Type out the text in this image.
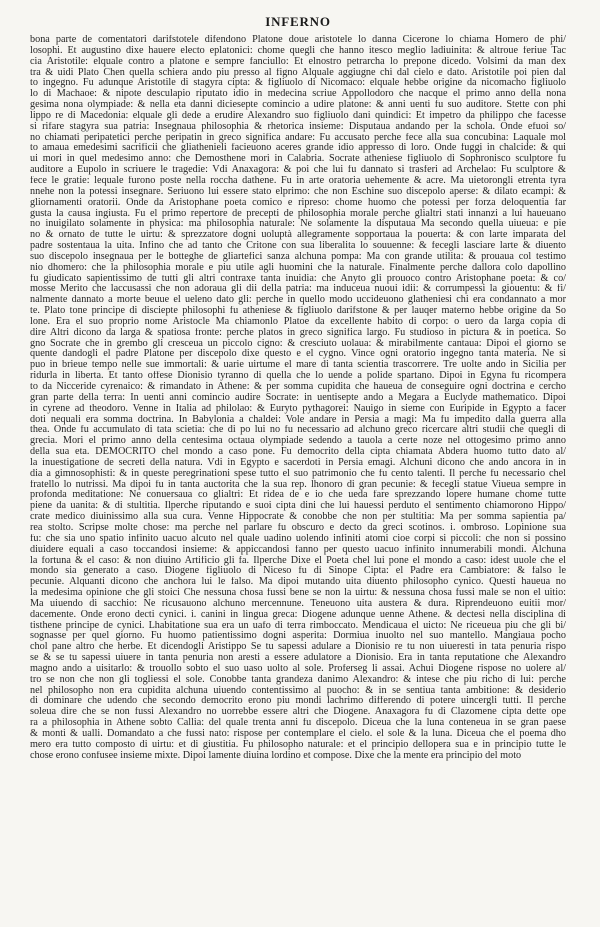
INFERNO
bona parte de comentatori darifstotele difendono Platone doue aristotele lo danna Cicerone lo chiama Homero de phi/
losophi. Et augustino dixe hauere electo eplatonici: chome quegli che hanno itesco meglio ladiuinita: & altroue feriue Tac
cia Aristotile: elquale contro a platone e sempre fanciullo: Et elnostro petrarcha lo prepone dicedo. Volsimi da man dex
tra & uidi Plato Chen quella schiera ando piu presso al figno Alquale aggiugne chi dal cielo e dato. Aristotile poi pien dal
to ingegno. Fu adunque Aristotile di stagyra cipta: & figliuolo di Nicomaco: elquale hebbe origine da nicomacho figliuolo
lo di Machaoe: & nipote desculapio riputato idio in medecina scriue Appollodoro che nacque el primo anno della nona
gesima nona olympiade: & nella eta danni diciesepte comincio a udire platone: & anni uenti fu suo auditore. Stette con phi
lippo re di Macedonia: elquale gli dede a erudire Alexandro suo figliuolo dani quindici: Et impetro da philippo che facesse
si rifare stagyra sua patria: Insegnaua philosophia & rhetorica insieme: Disputaua andando per la schola. Onde efuoi so/
no chiamati peripatetici perche peripatin in greco significa andare: Fu accusato perche fece alla sua concubina: Laquale mol
to amaua emedesimi sacrificii che gliathenieli facieuono aceres grande idio appresso di loro. Onde fuggi in chalcide: & qui
ui mori in quel medesimo anno: che Demosthene mori in Calabria. Socrate atheniese figliuolo di Sophronisco sculptore fu
auditore a Eupolo in scriuere le tragedie: Vdi Anaxagora: & poi che lui fu dannato si trasferi ad Archelao: Fu sculptore &
fece le gratie: lequale furono poste nella roccha dathene. Fu in arte oratoria uehemente & acre. Ma uietorongli etrenta tyra
nnehe non la potessi insegnare. Seriuono lui essere stato elprimo: che non Eschine suo discepolo aperse: & dilato ecampi: &
gliornamenti oratorii. Onde da Aristophane poeta comico e ripreso: chome huomo che potessi per forza deloquentia far
gusta la causa ingiusta. Fu el primo repertore de precepti de philosophia morale perche glialtri stati innanzi a lui haueuano
no inuigilato solamente in physica: ma philosophia naturale: Ne solamente la disputaua Ma secondo quella uiueua: e pie
no & ornato de tutte le uirtu: & sprezzatore dogni uoluptà allegramente sopportaua la pouerta: & con larte imparata del
padre sostentaua la uita. Infino che ad tanto che Critone con sua liberalita lo souuenne: & fecegli lasciare larte & diuento
suo discepolo insegnaua per le botteghe de gliartefici sanza alchuna pompa: Ma con grande utilita: & prouaua col testimo
nio dhomero: che la philosophia morale e piu utile agli huomini che la naturale. Finalmente perche dallora colo dapollino
fu giudicato sapientissimo de tutti gli altri contraxe tanta inuidia: che Anyto gli prouoco contro Aristophane poeta: & co/
mosse Merito che laccusassi che non adoraua gli dii della patria: ma induceua nuoui idii: & corrumpessi la giouentu: & fi/
nalmente dannato a morte beuue el ueleno dato gli: perche in quello modo uccideuono glatheniesi chi era condannato a mor
te. Plato tone principe di disciepte philosophi fu atheniese & figliuolo darifstone & per lauqer materno hebbe origine da So
lone. Era el suo proprio nome Aristocle Ma chiamonlo Platoe da excellente habito di corpo: o uero da larga copia di
dire Altri dicono da larga & spatiosa fronte: perche platos in greco significa largo. Fu studioso in pictura & in poetica. So
gno Socrate che in grembo gli cresceua un piccolo cigno: & cresciuto uolaua: & mirabilmente cantaua: Dipoi el giorno se
quente dandogli el padre Platone per discepolo dixe questo e el cygno. Vince ogni oratorio ingegno tanta materia. Ne si
puo in brieue tempo nelle sue immortali: & uarie uirtume el mare di tanta scientia trascorrere. Tre uolte ando in Sicilia per
ridurla in liberta. Et tanto offese Dionisio tyranno di quella che lo uende a polide spartano. Dipoi in Egyna fu ricompera
to da Nicceride cyrenaico: & rimandato in Athene: & per somma cupidita che haueua de conseguire ogni doctrina e cercho
gran parte della terra: In uenti anni comincio audire Socrate: in uentisepte ando a Megara a Euclyde mathematico. Dipoi
in cyrene ad theodoro. Venne in Italia ad philolao: & Euryto pythagorei: Nauigo in sieme con Euripide in Egypto a facer
doti nequali era somma doctrina. In Babylonia a chaldei: Vole andare in Persia a magi: Ma fu impedito dalla guerra alla
thea. Onde fu accumulato di tata scietia: che di po lui no fu necessario ad alchuno greco ricercare altri studii che quegli di
grecia. Mori el primo anno della centesima octaua olympiade sedendo a tauola a certe noze nel ottogesimo primo anno
della sua eta. DEMOCRITO chel mondo a caso pone. Fu democrito della cipta chiamata Abdera huomo tutto dato al/
la inuestigatione de secreti della natura. Vdi in Egypto e sacerdoti in Persia emagi. Alchuni dicono che ando ancora in in
dia a gimnosophisti: & in queste peregrinationi spese tutto el suo patrimonio che fu cento talenti. Il perche fu necessario chel
fratello lo nutrissi. Ma dipoi fu in tanta auctorita che la sua rep. lhonoro di gran pecunie: & fecegli statue Viueua sempre in
profonda meditatione: Ne conuersaua co glialtri: Et ridea de e io che ueda fare sprezzando lopere humane chome tutte
piene da uanita: & di stultitia. Ilperche riputando e suoi cipta dini che lui hauessi perduto el sentimento chiamorono Hippo/
crate medico diuinissimo alla sua cura. Venne Hippocrate & conobbe che non per stultitia: Ma per somma sapientia pa/
rea stolto. Scripse molte chose: ma perche nel parlare fu obscuro e decto da greci scotinos. i. ombroso. Lopinione sua
fu: che sia uno spatio infinito uacuo alcuto nel quale uadino uolendo infiniti atomi cioe corpi si piccoli: che non si possino
diuidere equali a caso toccandosi insieme: & appiccandosi fanno per questo uacuo infinito innumerabili mondi. Alchuna
la fortuna & el caso: & non diuino Artificio gli fa. Ilperche Dixe el Poeta chel lui pone el mondo a caso: idest uuole che el
mondo sia generato a caso. Diogene figliuolo di Niceso fu di Sinope Cipta: el Padre era Cambiatore: & falso le
pecunie. Alquanti dicono che anchora lui le falso. Ma dipoi mutando uita diuento philosopho cynico. Questi haueua no
la medesima opinione che gli stoici Che nessuna chosa fussi bene se non la uirtu: & nessuna chosa fussi male se non el uitio:
Ma uiuendo di sacchio: Ne ricusauono alchuno mercennune. Teneuono uita austera & dura. Riprendeuono euitii mor/
dacemente. Onde erono decti cynici. i. canini in lingua greca: Diogene adunque uenne Athene. & dectesi nella disciplina di
tisthene principe de cynici. Lhabitatione sua era un uafo di terra rimboccato. Mendicaua el uicto: Ne riceueua piu che gli bi/
sognasse per quel giorno. Fu huomo patientissimo dogni asperita: Dormiua inuolto nel suo mantello. Mangiaua pocho
chol pane altro che herbe. Et dicendogli Aristippo Se tu sapessi adulare a Dionisio re tu non uiueresti in tata penuria rispo
se & se tu sapessi uiuere in tanta penuria non aresti a essere adulatore a Dionisio. Era in tanta reputatione che Alexandro
magno ando a uisitarlo: & trouollo sobto el suo uaso uolto al sole. Proferseg li assai. Achui Diogene rispose no uolere al/
tro se non che non gli togliessi el sole. Conobbe tanta grandeza danimo Alexandro: & intese che piu richo di lui: perche
nel philosopho non era cupidita alchuna uiuendo contentissimo al puocho: & in se sentiua tanta ambitione: & desiderio
di dominare che udendo che secondo democrito erono piu mondi lachrimo differendo di potere uincergli tutti. Il perche
soleua dire che se non fussi Alexandro no uorrebbe essere altri che Diogene. Anaxagora fu di Clazomene cipta dette ope
ra a philosophia in Athene sobto Callia: del quale trenta anni fu discepolo. Diceua che la luna conteneua in se gran paese
& monti & ualli. Domandato a che fussi nato: rispose per contemplare el cielo. el sole & la luna. Diceua che el poema dho
mero era tutto composto di uirtu: et di giustitia. Fu philosopho naturale: et el principio dellopera sua e in principio tutte le
chose erono confusee insieme mixte. Dipoi lamente diuina lordino et compose. Dixe che la mente era principio del moto
